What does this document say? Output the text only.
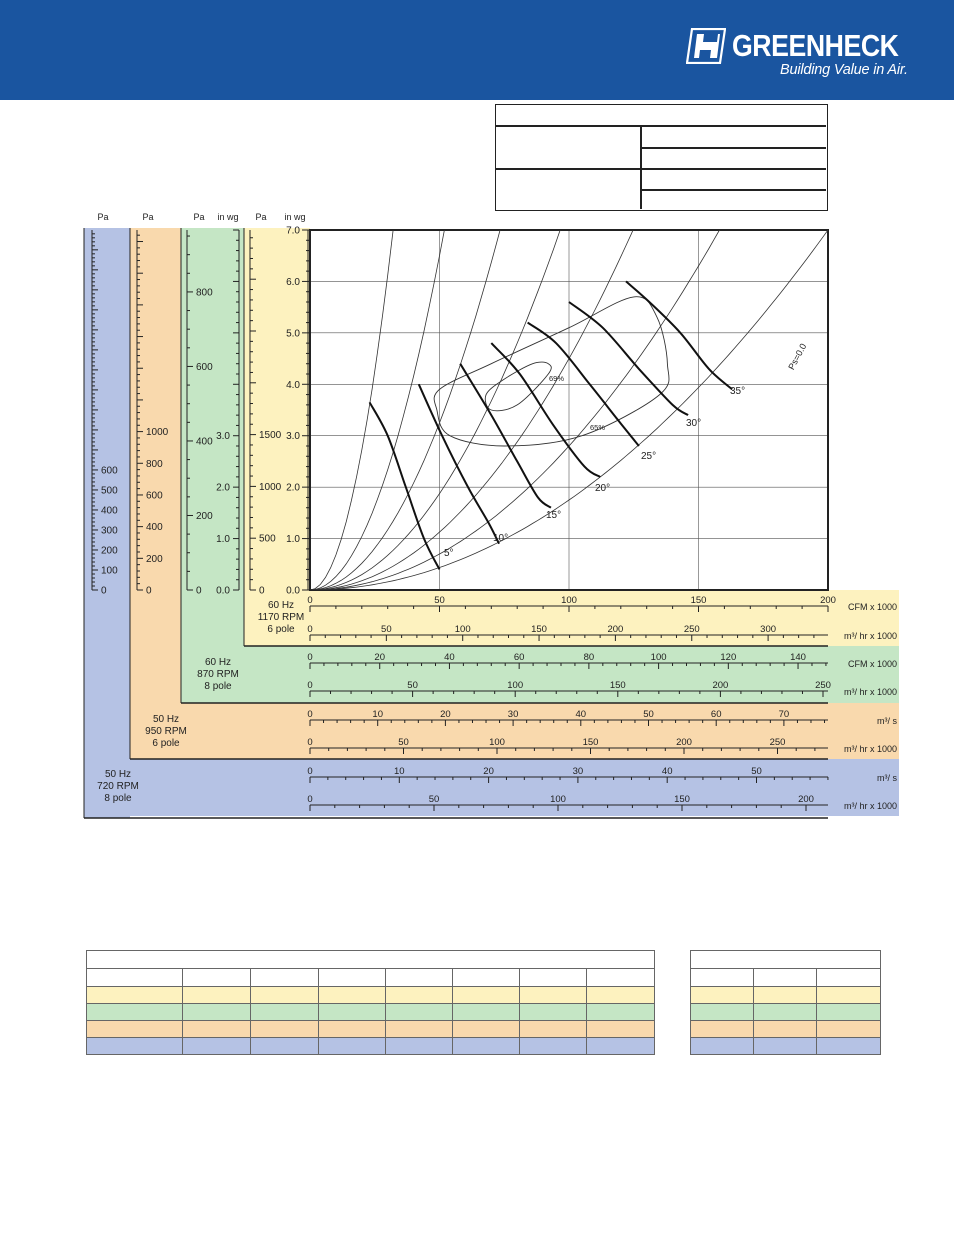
GREENHECK
Building Value in Air.
0
100
200
300
400
500
600
Pa
0
200
400
600
800
1000
Pa
0
200
400
600
800
Pa
0.0
1.0
2.0
3.0
in wg
0
500
1000
1500
Pa in wg
0.0
1.0
2.0
3.0
4.0
5.0
6.0
7.0
69%
65%
5°
10°
15°
20°
25°
30°
35°
Ps=0.0
60 Hz
1170 RPM
6 pole
0	50	100	150	200
0	50	100	150	200	250	300
CFM x 1000
m³/ hr x 1000
60 Hz
870 RPM
8 pole
0	20	40	60	80	100	120	140
0	50	100	150	200	250
CFM x 1000
m³/ hr x 1000
50 Hz
950 RPM
6 pole
0	10	20	30	40	50	60	70
0	50	100	150	200	250
m³/ s
m³/ hr x 1000
50 Hz
720 RPM
8 pole
0	10	20	30	40	50
0	50	100	150	200
m³/ s
m³/ hr x 1000
